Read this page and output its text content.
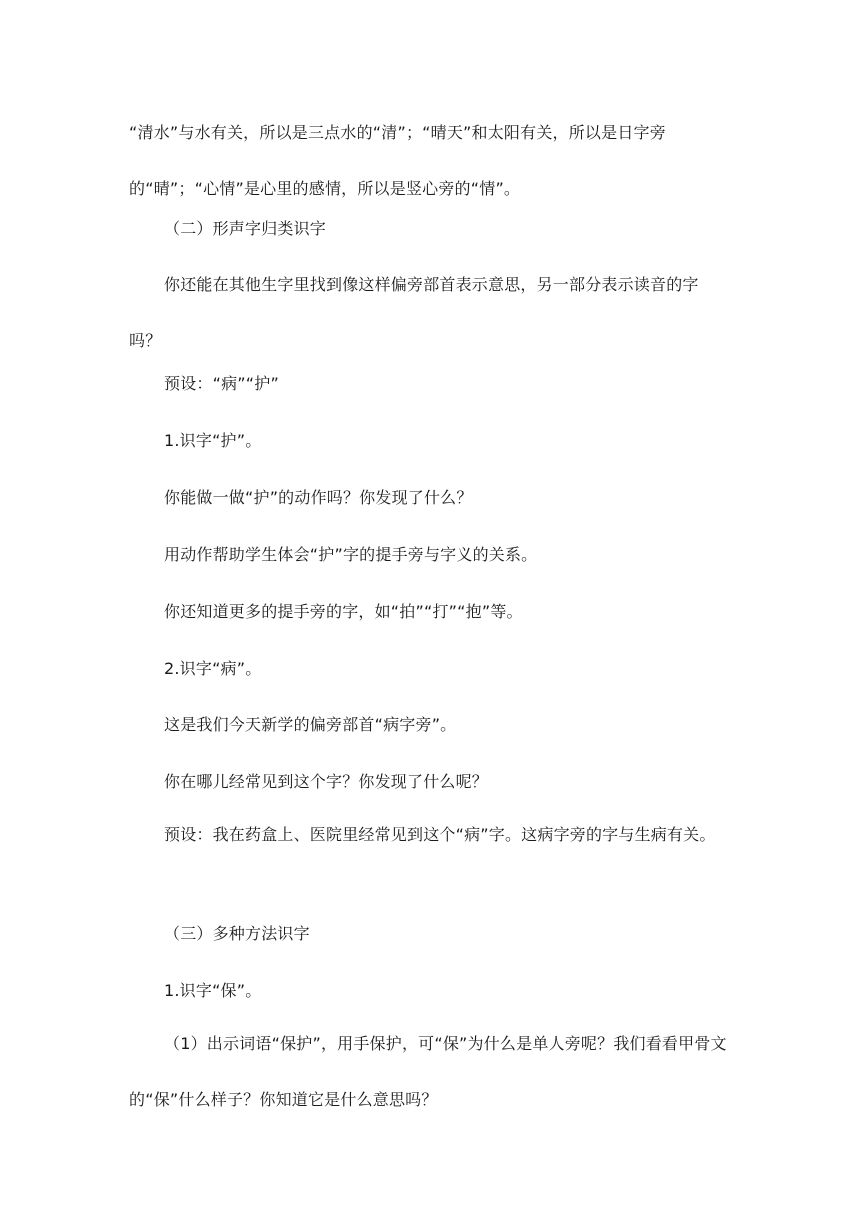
“清水”与水有关，所以是三点水的“清”；“晴天”和太阳有关，所以是日字旁的“晴”；“心情”是心里的感情，所以是竖心旁的“情”。

（二）形声字归类识字

你还能在其他生字里找到像这样偏旁部首表示意思，另一部分表示读音的字吗？

预设：“病”“护”

1.识字“护”。

你能做一做“护”的动作吗？你发现了什么？

用动作帮助学生体会“护”字的提手旁与字义的关系。

你还知道更多的提手旁的字，如“拍”“打”“抱”等。

2.识字“病”。

这是我们今天新学的偏旁部首“病字旁”。

你在哪儿经常见到这个字？你发现了什么呢？

预设：我在药盒上、医院里经常见到这个“病”字。这病字旁的字与生病有关。

（三）多种方法识字

1.识字“保”。

（1）出示词语“保护”，用手保护，可“保”为什么是单人旁呢？我们看看甲骨文的“保”什么样子？你知道它是什么意思吗？
